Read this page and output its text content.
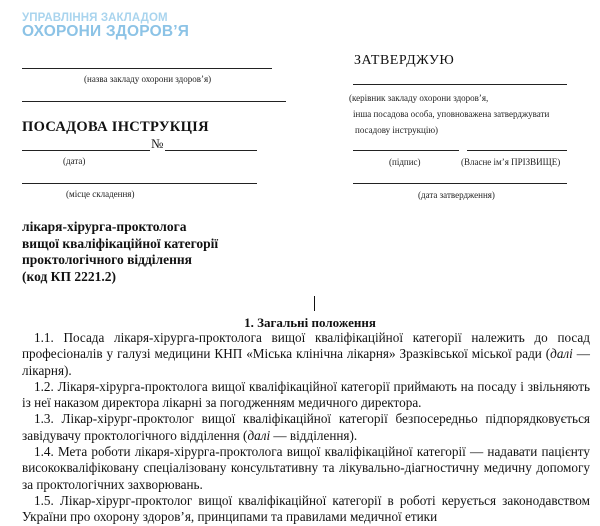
УПРАВЛІННЯ ЗАКЛАДОМ
ОХОРОНИ ЗДОРОВ’Я
(назва закладу охорони здоров’я)
ПОСАДОВА ІНСТРУКЦІЯ
№
(дата)
(місце складення)
ЗАТВЕРДЖУЮ
(керівник закладу охорони здоров’я,
інша посадова особа, уповноважена затверджувати
посадову інструкцію)
(підпис)	(Власне ім’я ПРІЗВИЩЕ)
(дата затвердження)
лікаря-хірурга-проктолога
вищої кваліфікаційної категорії
проктологічного відділення
(код КП 2221.2)
1. Загальні положення

1.1. Посада лікаря-хірурга-проктолога вищої кваліфікаційної категорії належить до посад професіоналів у галузі медицини КНП «Міська клінічна лікарня» Зразківської міської ради (далі — лікарня).

1.2. Лікаря-хірурга-проктолога вищої кваліфікаційної категорії приймають на посаду і звільняють із неї наказом директора лікарні за погодженням медичного директора.

1.3. Лікар-хірург-проктолог вищої кваліфікаційної категорії безпосередньо підпорядковується завідувачу проктологічного відділення (далі — відділення).

1.4. Мета роботи лікаря-хірурга-проктолога вищої кваліфікаційної категорії — надавати пацієнту висококваліфіковану спеціалізовану консультативну та лікувально-діагностичну медичну допомогу за проктологічних захворювань.

1.5. Лікар-хірург-проктолог вищої кваліфікаційної категорії в роботі керується законодавством України про охорону здоров’я, принципами та правилами медичної етики
